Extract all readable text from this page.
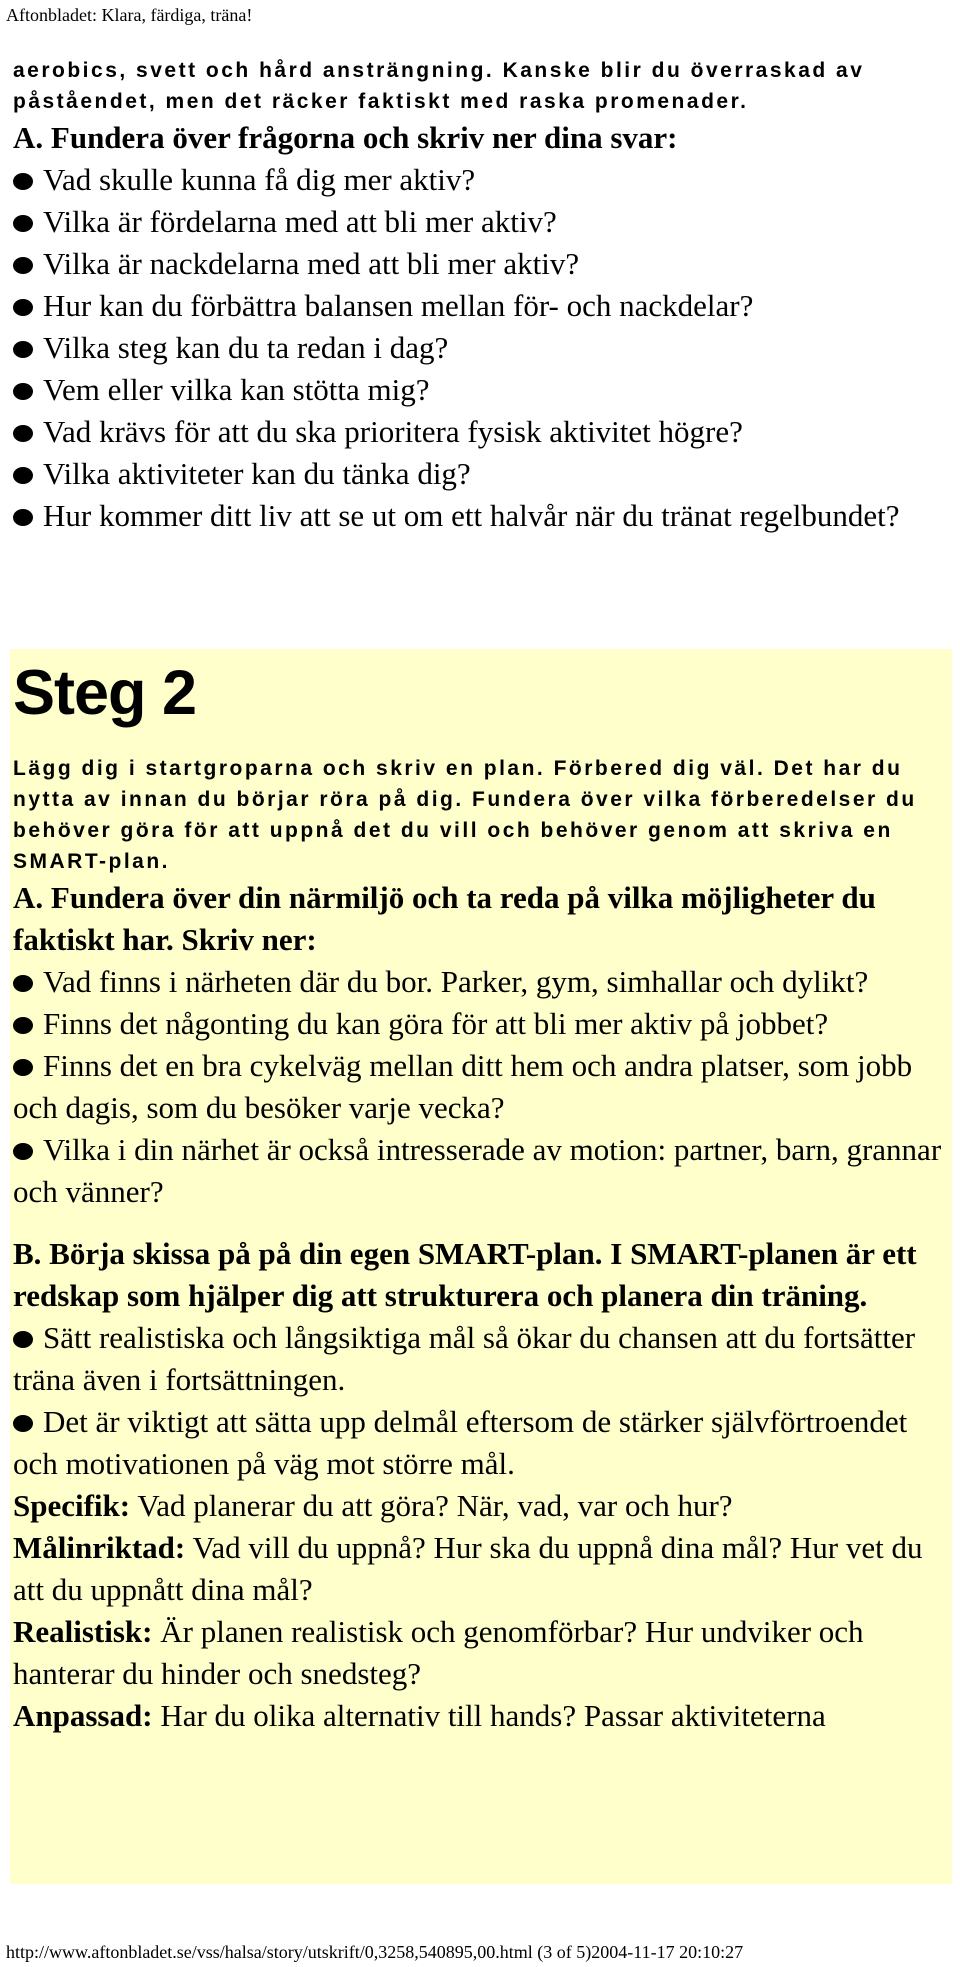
Aftonbladet: Klara, färdiga, träna!
aerobics, svett och hård ansträngning. Kanske blir du överraskad av påståendet, men det räcker faktiskt med raska promenader.
A. Fundera över frågorna och skriv ner dina svar:
Vad skulle kunna få dig mer aktiv?
Vilka är fördelarna med att bli mer aktiv?
Vilka är nackdelarna med att bli mer aktiv?
Hur kan du förbättra balansen mellan för- och nackdelar?
Vilka steg kan du ta redan i dag?
Vem eller vilka kan stötta mig?
Vad krävs för att du ska prioritera fysisk aktivitet högre?
Vilka aktiviteter kan du tänka dig?
Hur kommer ditt liv att se ut om ett halvår när du tränat regelbundet?
Steg 2
Lägg dig i startgroparna och skriv en plan. Förbered dig väl. Det har du nytta av innan du börjar röra på dig. Fundera över vilka förberedelser du behöver göra för att uppnå det du vill och behöver genom att skriva en SMART-plan.
A. Fundera över din närmiljö och ta reda på vilka möjligheter du faktiskt har. Skriv ner:
Vad finns i närheten där du bor. Parker, gym, simhallar och dylikt?
Finns det någonting du kan göra för att bli mer aktiv på jobbet?
Finns det en bra cykelväg mellan ditt hem och andra platser, som jobb och dagis, som du besöker varje vecka?
Vilka i din närhet är också intresserade av motion: partner, barn, grannar och vänner?
B. Börja skissa på på din egen SMART-plan. I SMART-planen är ett redskap som hjälper dig att strukturera och planera din träning.
Sätt realistiska och långsiktiga mål så ökar du chansen att du fortsätter träna även i fortsättningen.
Det är viktigt att sätta upp delmål eftersom de stärker självförtroendet och motivationen på väg mot större mål.
Specifik: Vad planerar du att göra? När, vad, var och hur?
Målinriktad: Vad vill du uppnå? Hur ska du uppnå dina mål? Hur vet du att du uppnått dina mål?
Realistisk: Är planen realistisk och genomförbar? Hur undviker och hanterar du hinder och snedsteg?
Anpassad: Har du olika alternativ till hands? Passar aktiviteterna
http://www.aftonbladet.se/vss/halsa/story/utskrift/0,3258,540895,00.html (3 of 5)2004-11-17 20:10:27
